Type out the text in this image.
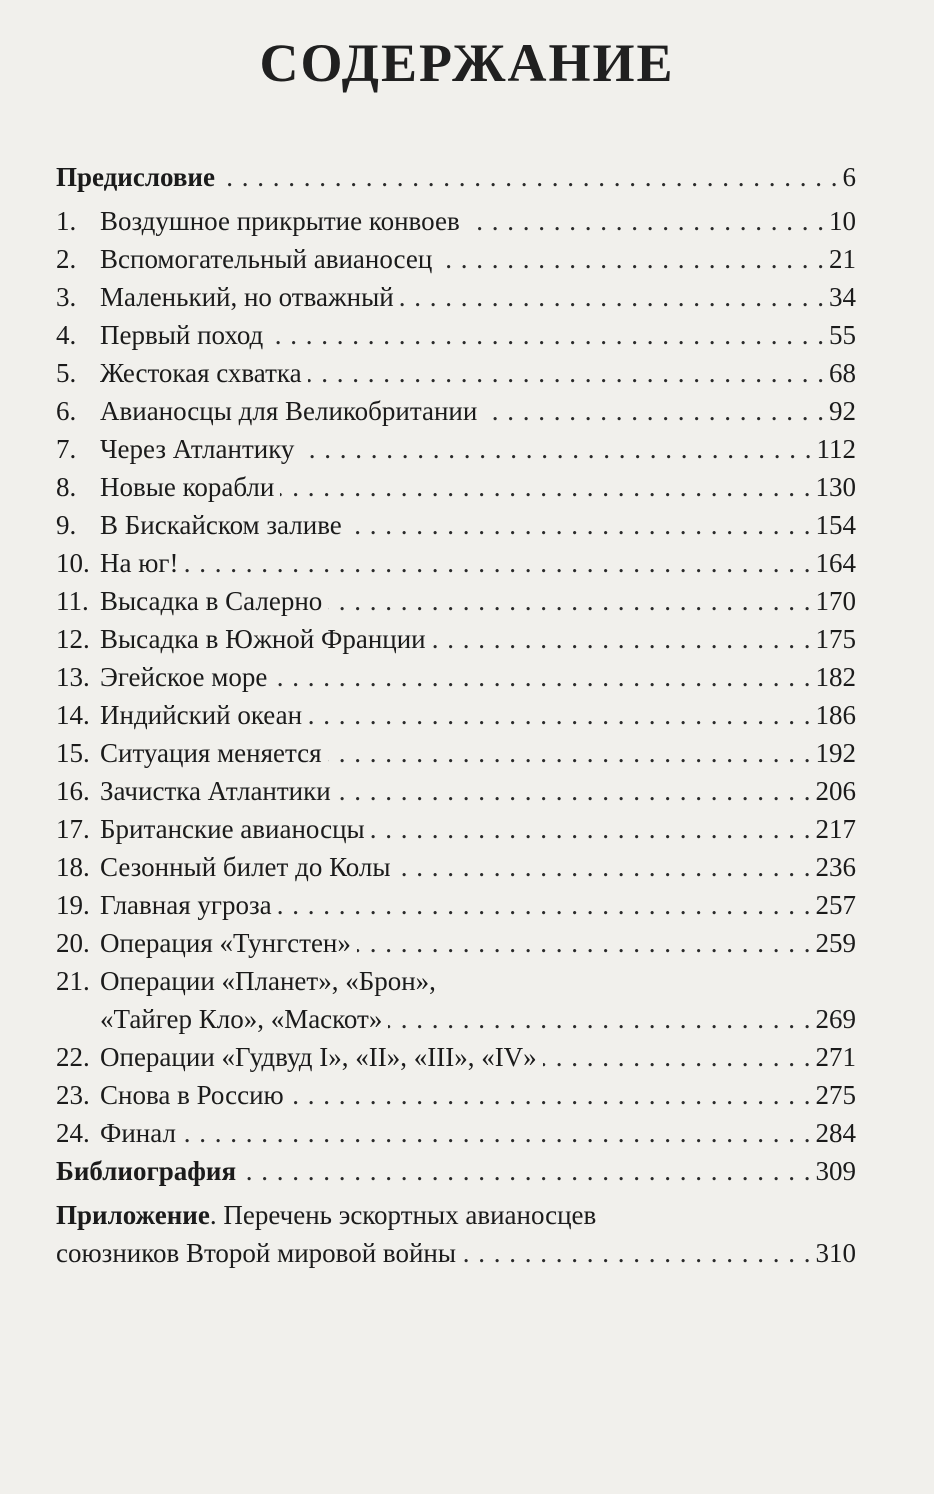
СОДЕРЖАНИЕ
Предисловие . . .	6
1. Воздушное прикрытие конвоев . . .	10
2. Вспомогательный авианосец . . .	21
3. Маленький, но отважный . . .	34
4. Первый поход . . .	55
5. Жестокая схватка . . .	68
6. Авианосцы для Великобритании . . .	92
7. Через Атлантику . . .	112
8. Новые корабли . . .	130
9. В Бискайском заливе . . .	154
10. На юг! . . .	164
11. Высадка в Салерно . . .	170
12. Высадка в Южной Франции . . .	175
13. Эгейское море . . .	182
14. Индийский океан . . .	186
15. Ситуация меняется . . .	192
16. Зачистка Атлантики . . .	206
17. Британские авианосцы . . .	217
18. Сезонный билет до Колы . . .	236
19. Главная угроза . . .	257
20. Операция «Тунгстен» . . .	259
21. Операции «Планет», «Брон»,
«Тайгер Кло», «Маскот» . . .	269
22. Операции «Гудвуд I», «II», «III», «IV» . . .	271
23. Снова в Россию . . .	275
24. Финал . . .	284
Библиография . . .	309
Приложение. Перечень эскортных авианосцев
союзников Второй мировой войны . . .	310
